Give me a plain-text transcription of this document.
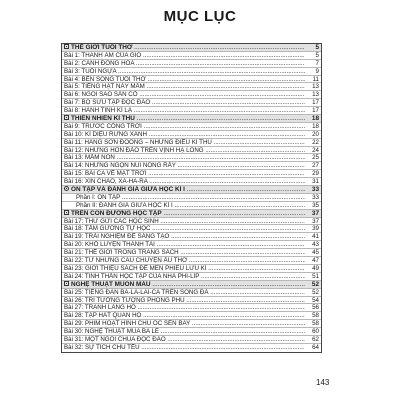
MỤC LỤC
THẾ GIỚI TUỔI THƠ .....	5
Bài 1: THANH ÂM CỦA GIÓ .....	5
Bài 2: CÁNH ĐỒNG HOA .....	7
Bài 3: TUỔI NGỰA .....	9
Bài 4: BẾN SÔNG TUỔI THƠ .....	11
Bài 5: TIẾNG HẠT NẢY MẦM .....	13
Bài 6: NGÔI SAO SÂN CỎ .....	13
Bài 7: BỘ SƯU TẬP ĐỘC ĐÁO .....	17
Bài 8: HÀNH TINH KÌ LẠ .....	17
THIÊN NHIÊN KÌ THÚ .....	18
Bài 9: TRƯỚC CỔNG TRỜI .....	18
Bài 10: KÌ DIỆU RỪNG XANH .....	20
Bài 11: HANG SƠN ĐOÒNG – NHỮNG ĐIỀU KÌ THÚ .....	22
Bài 12: NHỮNG HÒN ĐẢO TRÊN VỊNH HẠ LONG .....	24
Bài 13: MẦM NON .....	25
Bài 14: NHỮNG NGỌN NÚI NÓNG RẪY .....	27
Bài 15: BÀI CA VỀ MẶT TRỜI .....	29
Bài 16: XIN CHÀO, XA-HA-RA .....	31
ÔN TẬP VÀ ĐÁNH GIÁ GIỮA HỌC KÌ I .....	33
Phần I: ÔN TẬP .....	33
Phần II: ĐÁNH GIÁ GIỮA HỌC KÌ I .....	35
TRÊN CON ĐƯỜNG HỌC TẬP .....	37
Bài 17: THƯ GỬI CÁC HỌC SINH .....	37
Bài 18: TẤM GƯƠNG TỰ HỌC .....	39
Bài 19: TRẢI NGHIỆM ĐỂ SÁNG TẠO .....	41
Bài 20: KHỔ LUYỆN THÀNH TÀI .....	43
Bài 21: THẾ GIỚI TRONG TRANG SÁCH .....	45
Bài 22: TỪ NHỮNG CÂU CHUYỆN ẤU THƠ .....	47
Bài 23: GIỚI THIỆU SÁCH ĐỂ MÈN PHIÊU LƯU KÍ .....	49
Bài 24: TINH THẦN HỌC TẬP CỦA NHÀ PHI-LÍP .....	51
NGHỆ THUẬT MUÔN MÀU .....	52
Bài 25: TIẾNG ĐÀN BA-LA-LAI-CA TRÊN SÔNG ĐÀ .....	52
Bài 26: TRÍ TƯỞNG TƯỢNG PHONG PHÚ .....	54
Bài 27: TRANH LÀNG HỒ .....	56
Bài 28: TẬP HÁT QUAN HỌ .....	58
Bài 29: PHIM HOẠT HÌNH CHÚ ỐC SÊN BAY .....	58
Bài 30: NGHỆ THUẬT MÚA BA LÊ .....	60
Bài 31: MỘT NGÔI CHÙA ĐỘC ĐÁO .....	62
Bài 32: SỰ TÍCH CHÚ TỄU .....	64
143
